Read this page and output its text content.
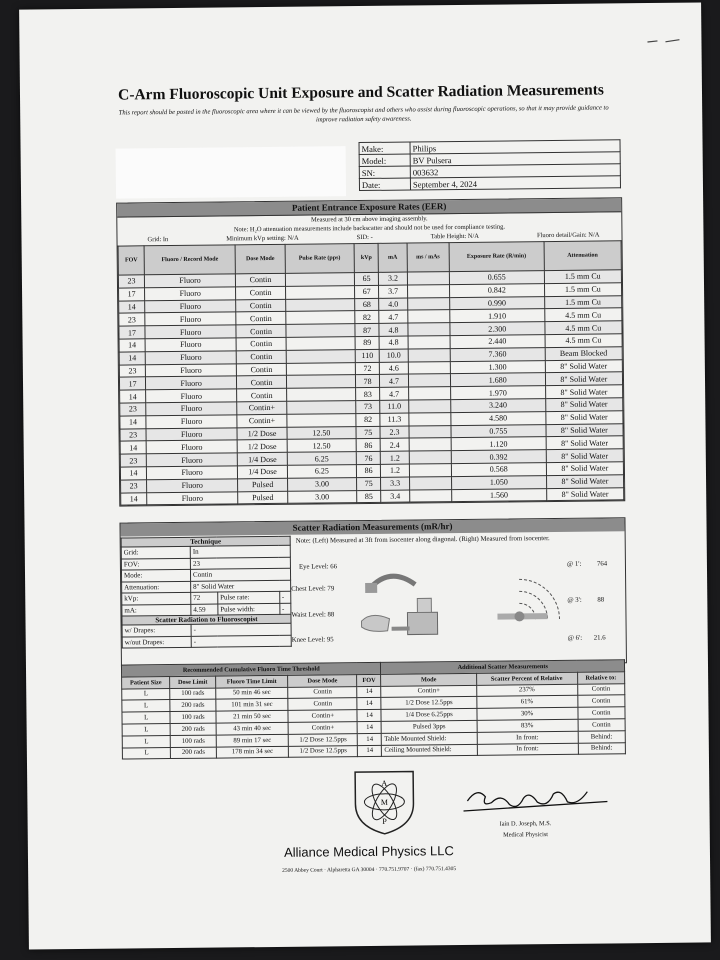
C-Arm Fluoroscopic Unit Exposure and Scatter Radiation Measurements
This report should be posted in the fluoroscopic area where it can be viewed by the fluoroscopist and others who assist during fluoroscopic operations, so that it may provide guidance to improve radiation safety awareness.
Make:	Philips
Model:	BV Pulsera
SN:	003632
Date:	September 4, 2024
Patient Entrance Exposure Rates (EER)
Measured at 30 cm above imaging assembly.
Note: H₂O attenuation measurements include backscatter and should not be used for compliance testing.
Grid: In	Minimum kVp setting: N/A	SID: -	Table Height: N/A	Fluoro detail/Gain: N/A
FOV	Fluoro / Record Mode	Dose Mode	Pulse Rate (pps)	kVp	mA	ms / mAs	Exposure Rate (R/min)	Attenuation
23	Fluoro	Contin		65	3.2		0.655	1.5 mm Cu
17	Fluoro	Contin		67	3.7		0.842	1.5 mm Cu
14	Fluoro	Contin		68	4.0		0.990	1.5 mm Cu
23	Fluoro	Contin		82	4.7		1.910	4.5 mm Cu
17	Fluoro	Contin		87	4.8		2.300	4.5 mm Cu
14	Fluoro	Contin		89	4.8		2.440	4.5 mm Cu
14	Fluoro	Contin		110	10.0		7.360	Beam Blocked
23	Fluoro	Contin		72	4.6		1.300	8" Solid Water
17	Fluoro	Contin		78	4.7		1.680	8" Solid Water
14	Fluoro	Contin		83	4.7		1.970	8" Solid Water
23	Fluoro	Contin+		73	11.0		3.240	8" Solid Water
14	Fluoro	Contin+		82	11.3		4.580	8" Solid Water
23	Fluoro	1/2 Dose	12.50	75	2.3		0.755	8" Solid Water
14	Fluoro	1/2 Dose	12.50	86	2.4		1.120	8" Solid Water
23	Fluoro	1/4 Dose	6.25	76	1.2		0.392	8" Solid Water
14	Fluoro	1/4 Dose	6.25	86	1.2		0.568	8" Solid Water
23	Fluoro	Pulsed	3.00	75	3.3		1.050	8" Solid Water
14	Fluoro	Pulsed	3.00	85	3.4		1.560	8" Solid Water
Scatter Radiation Measurements (mR/hr)
Technique			
Grid:	In		
FOV:	23		
Mode:	Contin		
Attenuation:	8" Solid Water		
kVp:	72	Pulse rate:	-
mA:	4.59	Pulse width:	-
Scatter Radiation to Fluoroscopist			
w/ Drapes:	-		
w/out Drapes:	-		
Note: (Left) Measured at 3ft from isocenter along diagonal. (Right) Measured from isocenter.
Eye Level: 66
Chest Level: 79
Waist Level: 88
Knee Level: 95
@ 1': 764
@ 3': 88
@ 6': 21.6
Recommended Cumulative Fluoro Time Threshold					Additional Scatter Measurements		
Patient Size	Dose Limit	Fluoro Time Limit	Dose Mode	FOV	Mode	Scatter Percent of Relative	Relative to:
L	100 rads	50 min 46 sec	Contin	14	Contin+	237%	Contin
L	200 rads	101 min 31 sec	Contin	14	1/2 Dose 12.5pps	61%	Contin
L	100 rads	21 min 50 sec	Contin+	14	1/4 Dose 6.25pps	30%	Contin
L	200 rads	43 min 40 sec	Contin+	14	Pulsed 3pps	83%	Contin
L	100 rads	89 min 17 sec	1/2 Dose 12.5pps	14	Table Mounted Shield:	In front:	Behind:
L	200 rads	178 min 34 sec	1/2 Dose 12.5pps	14	Ceiling Mounted Shield:	In front:	Behind:
A
M
P	Iain D. Joseph, M.S.
Medical Physicist
Alliance Medical Physics LLC
2500 Abbey Court · Alpharetta GA 30004 · 770.751.9707 · (fax) 770.751.4305
